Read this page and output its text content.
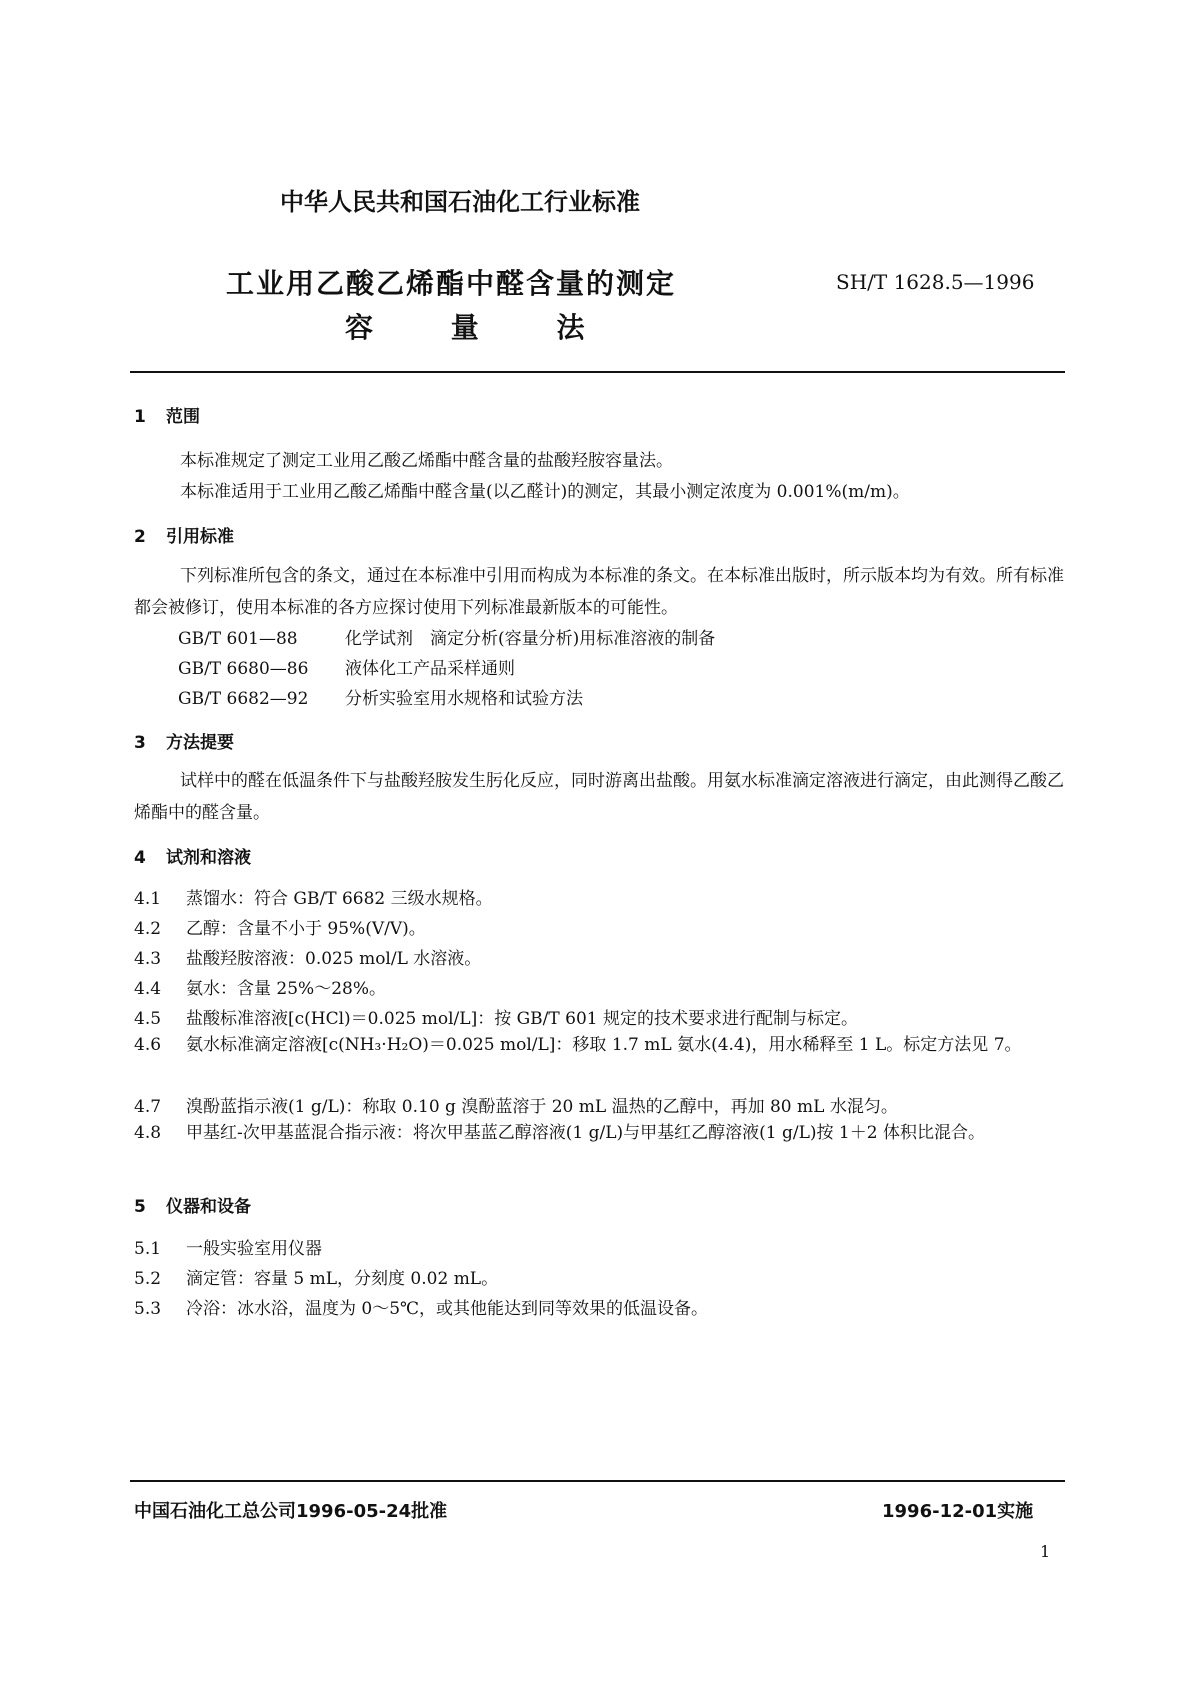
中华人民共和国石油化工行业标准
工业用乙酸乙烯酯中醛含量的测定
容 量 法
SH/T 1628.5—1996
1 范围
本标准规定了测定工业用乙酸乙烯酯中醛含量的盐酸羟胺容量法。
本标准适用于工业用乙酸乙烯酯中醛含量(以乙醛计)的测定，其最小测定浓度为 0.001%(m/m)。
2 引用标准
下列标准所包含的条文，通过在本标准中引用而构成为本标准的条文。在本标准出版时，所示版本均为有效。所有标准都会被修订，使用本标准的各方应探讨使用下列标准最新版本的可能性。
GB/T 601—88	化学试剂　滴定分析(容量分析)用标准溶液的制备
GB/T 6680—86 液体化工产品采样通则
GB/T 6682—92 分析实验室用水规格和试验方法
3 方法提要
试样中的醛在低温条件下与盐酸羟胺发生肟化反应，同时游离出盐酸。用氨水标准滴定溶液进行滴定，由此测得乙酸乙烯酯中的醛含量。
4 试剂和溶液
4.1 蒸馏水：符合 GB/T 6682 三级水规格。
4.2 乙醇：含量不小于 95%(V/V)。
4.3 盐酸羟胺溶液：0.025 mol/L 水溶液。
4.4 氨水：含量 25%～28%。
4.5 盐酸标准溶液[c(HCl)＝0.025 mol/L]：按 GB/T 601 规定的技术要求进行配制与标定。
4.6 氨水标准滴定溶液[c(NH₃·H₂O)＝0.025 mol/L]：移取 1.7 mL 氨水(4.4)，用水稀释至 1 L。标定方法见 7。
4.7 溴酚蓝指示液(1 g/L)：称取 0.10 g 溴酚蓝溶于 20 mL 温热的乙醇中，再加 80 mL 水混匀。
4.8 甲基红-次甲基蓝混合指示液：将次甲基蓝乙醇溶液(1 g/L)与甲基红乙醇溶液(1 g/L)按 1＋2 体积比混合。
5 仪器和设备
5.1 一般实验室用仪器
5.2 滴定管：容量 5 mL，分刻度 0.02 mL。
5.3 冷浴：冰水浴，温度为 0～5℃，或其他能达到同等效果的低温设备。
中国石油化工总公司1996-05-24批准	1996-12-01实施
1
